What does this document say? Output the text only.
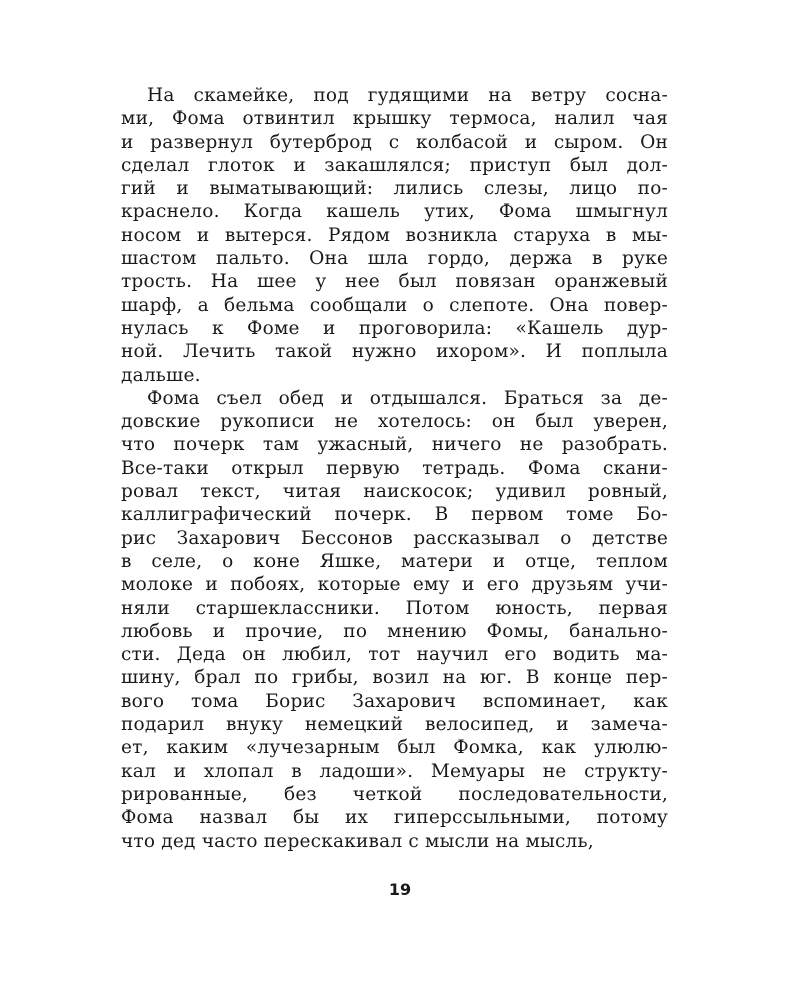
На скамейке, под гудящими на ветру сосна-
ми, Фома отвинтил крышку термоса, налил чая
и развернул бутерброд с колбасой и сыром. Он
сделал глоток и закашлялся; приступ был дол-
гий и выматывающий: лились слезы, лицо по-
краснело. Когда кашель утих, Фома шмыгнул
носом и вытерся. Рядом возникла старуха в мы-
шастом пальто. Она шла гордо, держа в руке
трость. На шее у нее был повязан оранжевый
шарф, а бельма сообщали о слепоте. Она повер-
нулась к Фоме и проговорила: «Кашель дур-
ной. Лечить такой нужно ихором». И поплыла
дальше.
Фома съел обед и отдышался. Браться за де-
довские рукописи не хотелось: он был уверен,
что почерк там ужасный, ничего не разобрать.
Все-таки открыл первую тетрадь. Фома скани-
ровал текст, читая наискосок; удивил ровный,
каллиграфический почерк. В первом томе Бо-
рис Захарович Бессонов рассказывал о детстве
в селе, о коне Яшке, матери и отце, теплом
молоке и побоях, которые ему и его друзьям учи-
няли старшеклассники. Потом юность, первая
любовь и прочие, по мнению Фомы, банально-
сти. Деда он любил, тот научил его водить ма-
шину, брал по грибы, возил на юг. В конце пер-
вого тома Борис Захарович вспоминает, как
подарил внуку немецкий велосипед, и замеча-
ет, каким «лучезарным был Фомка, как улюлю-
кал и хлопал в ладоши». Мемуары не структу-
рированные, без четкой последовательности,
Фома назвал бы их гиперссыльными, потому
что дед часто перескакивал с мысли на мысль,
19
